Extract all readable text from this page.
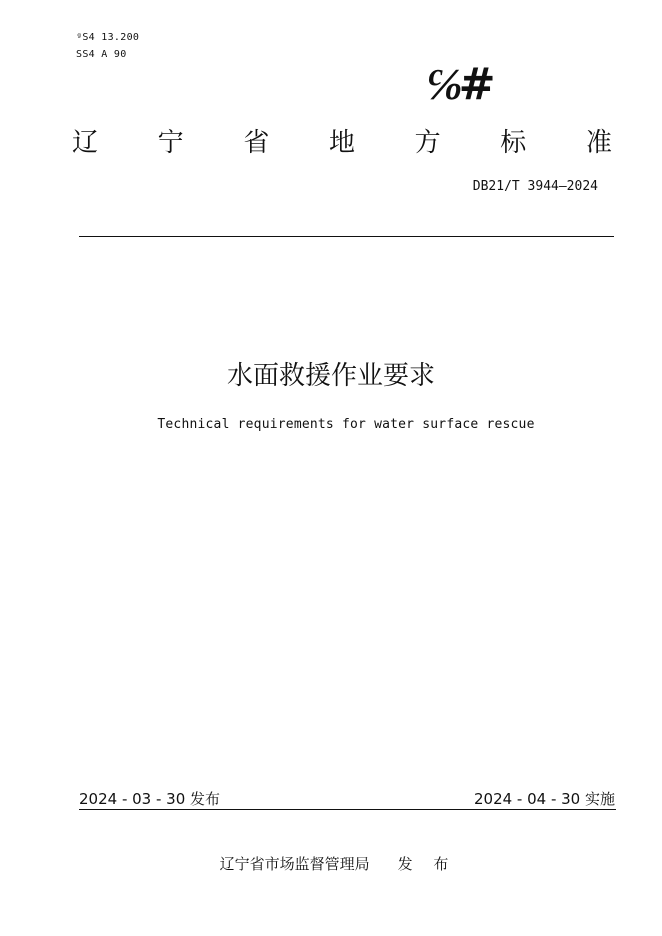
ᵍS4 13.200
SS4 A 90
℅#
辽 宁 省 地 方 标 准
DB21/T 3944—2024
水面救援作业要求
Technical requirements for water surface rescue
2024 - 03 - 30 发布	2024 - 04 - 30 实施
辽宁省市场监督管理局 发 布
